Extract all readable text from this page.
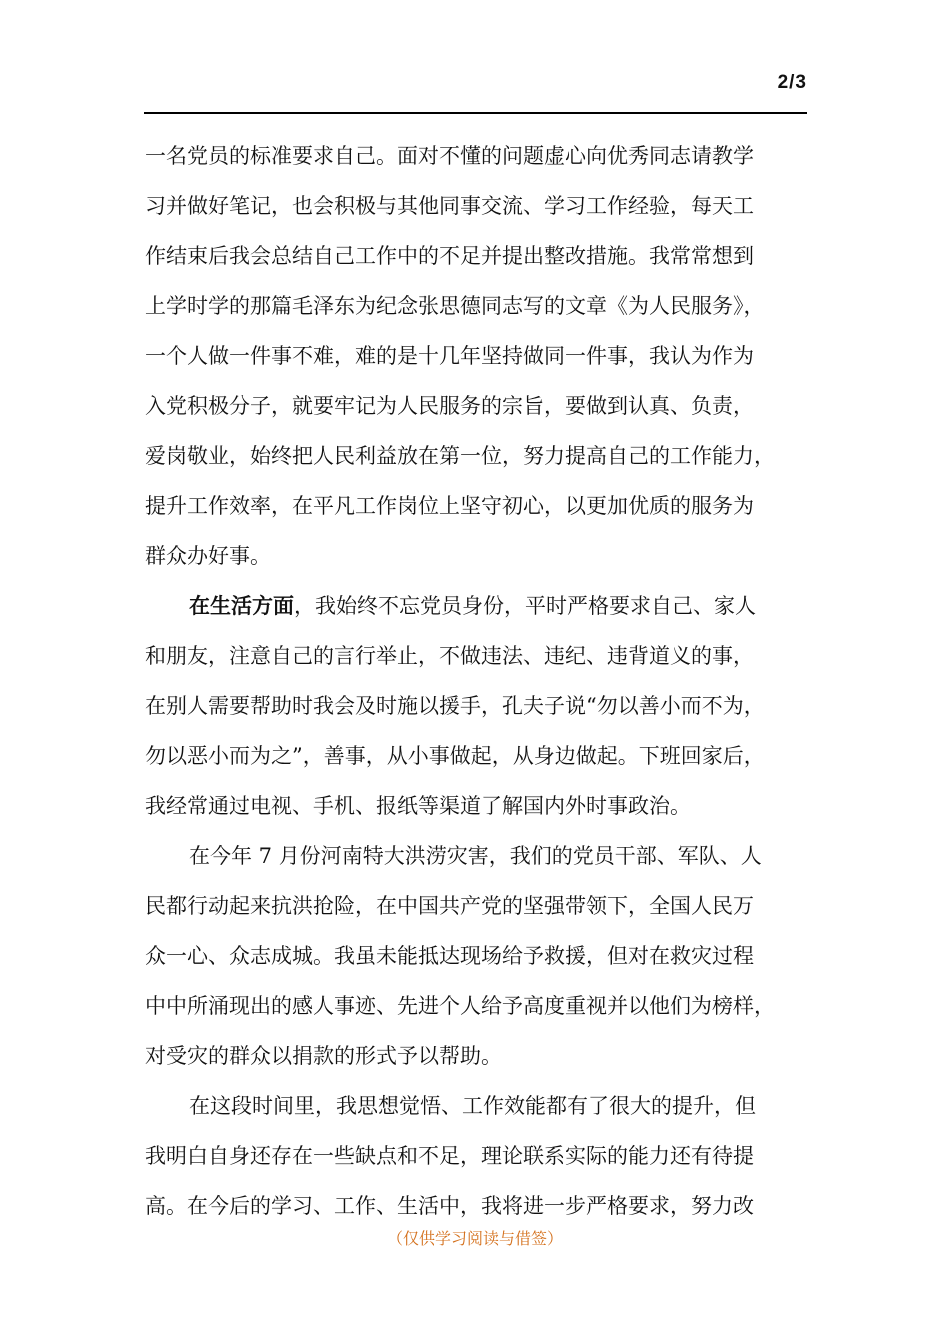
2/3
一名党员的标准要求自己。面对不懂的问题虚心向优秀同志请教学
习并做好笔记，也会积极与其他同事交流、学习工作经验，每天工
作结束后我会总结自己工作中的不足并提出整改措施。我常常想到
上学时学的那篇毛泽东为纪念张思德同志写的文章《为人民服务》，
一个人做一件事不难，难的是十几年坚持做同一件事，我认为作为
入党积极分子，就要牢记为人民服务的宗旨，要做到认真、负责，
爱岗敬业，始终把人民利益放在第一位，努力提高自己的工作能力，
提升工作效率，在平凡工作岗位上坚守初心，以更加优质的服务为
群众办好事。
在生活方面，我始终不忘党员身份，平时严格要求自己、家人
和朋友，注意自己的言行举止，不做违法、违纪、违背道义的事，
在别人需要帮助时我会及时施以援手，孔夫子说“勿以善小而不为，
勿以恶小而为之”，善事，从小事做起，从身边做起。下班回家后，
我经常通过电视、手机、报纸等渠道了解国内外时事政治。
在今年 7 月份河南特大洪涝灾害，我们的党员干部、军队、人
民都行动起来抗洪抢险，在中国共产党的坚强带领下，全国人民万
众一心、众志成城。我虽未能抵达现场给予救援，但对在救灾过程
中中所涌现出的感人事迹、先进个人给予高度重视并以他们为榜样，
对受灾的群众以捐款的形式予以帮助。
在这段时间里，我思想觉悟、工作效能都有了很大的提升，但
我明白自身还存在一些缺点和不足，理论联系实际的能力还有待提
高。在今后的学习、工作、生活中，我将进一步严格要求，努力改
（仅供学习阅读与借签）
